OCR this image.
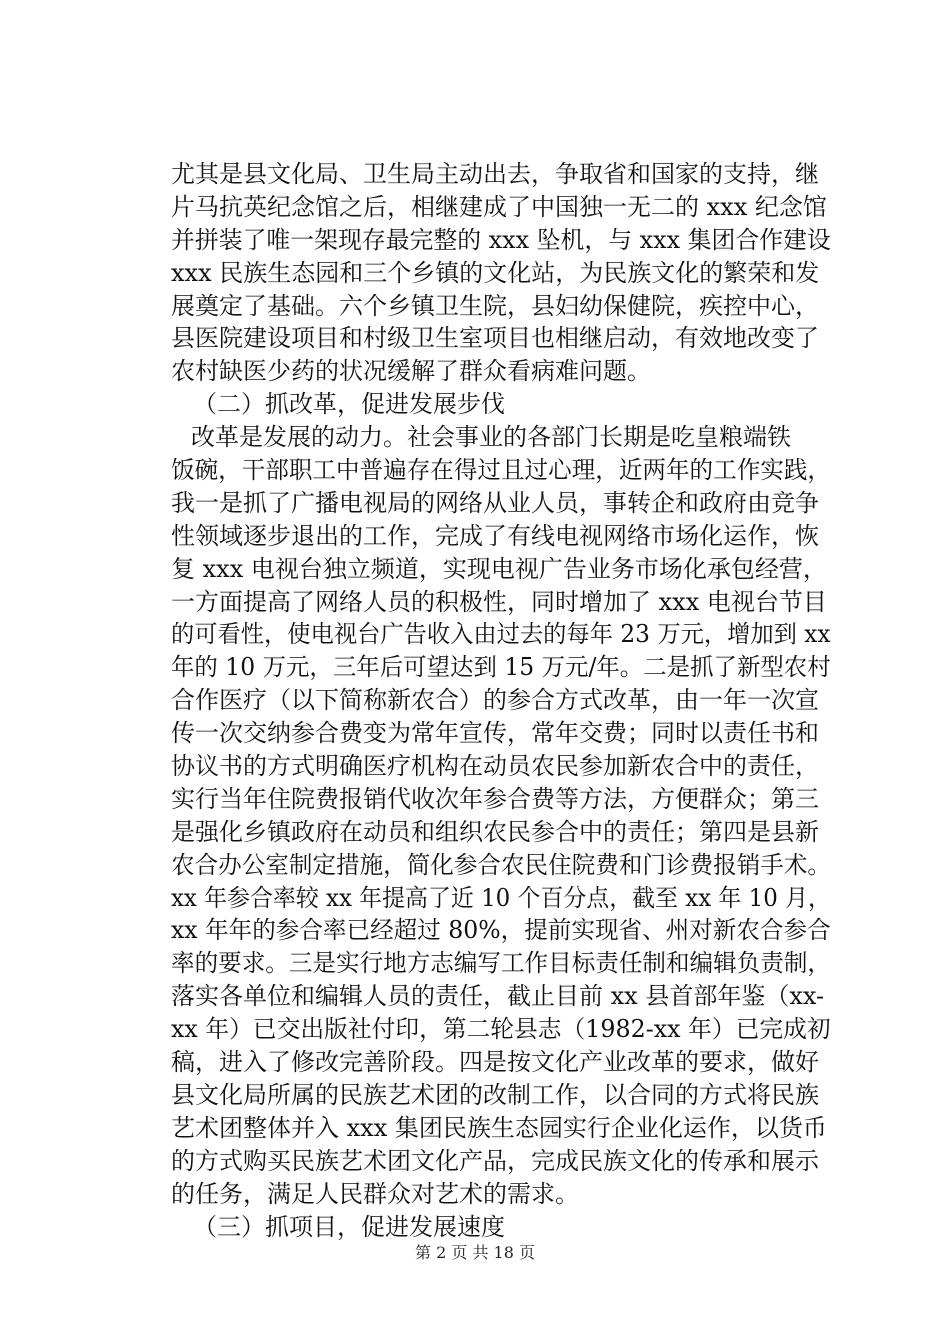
尤其是县文化局、卫生局主动出去，争取省和国家的支持，继
片马抗英纪念馆之后，相继建成了中国独一无二的 xxx 纪念馆
并拼装了唯一架现存最完整的 xxx 坠机，与 xxx 集团合作建设
xxx 民族生态园和三个乡镇的文化站，为民族文化的繁荣和发
展奠定了基础。六个乡镇卫生院，县妇幼保健院，疾控中心，
县医院建设项目和村级卫生室项目也相继启动，有效地改变了
农村缺医少药的状况缓解了群众看病难问题。
（二）抓改革，促进发展步伐
改革是发展的动力。社会事业的各部门长期是吃皇粮端铁
饭碗，干部职工中普遍存在得过且过心理，近两年的工作实践，
我一是抓了广播电视局的网络从业人员，事转企和政府由竞争
性领域逐步退出的工作，完成了有线电视网络市场化运作，恢
复 xxx 电视台独立频道，实现电视广告业务市场化承包经营，
一方面提高了网络人员的积极性，同时增加了 xxx 电视台节目
的可看性，使电视台广告收入由过去的每年 23 万元，增加到 xx
年的 10 万元，三年后可望达到 15 万元/年。二是抓了新型农村
合作医疗（以下简称新农合）的参合方式改革，由一年一次宣
传一次交纳参合费变为常年宣传，常年交费；同时以责任书和
协议书的方式明确医疗机构在动员农民参加新农合中的责任，
实行当年住院费报销代收次年参合费等方法，方便群众；第三
是强化乡镇政府在动员和组织农民参合中的责任；第四是县新
农合办公室制定措施，简化参合农民住院费和门诊费报销手术。
xx 年参合率较 xx 年提高了近 10 个百分点，截至 xx 年 10 月，
xx 年年的参合率已经超过 80%，提前实现省、州对新农合参合
率的要求。三是实行地方志编写工作目标责任制和编辑负责制，
落实各单位和编辑人员的责任，截止目前 xx 县首部年鉴（xx-
xx 年）已交出版社付印，第二轮县志（1982-xx 年）已完成初
稿，进入了修改完善阶段。四是按文化产业改革的要求，做好
县文化局所属的民族艺术团的改制工作，以合同的方式将民族
艺术团整体并入 xxx 集团民族生态园实行企业化运作，以货币
的方式购买民族艺术团文化产品，完成民族文化的传承和展示
的任务，满足人民群众对艺术的需求。
（三）抓项目，促进发展速度
第 2 页 共 18 页
